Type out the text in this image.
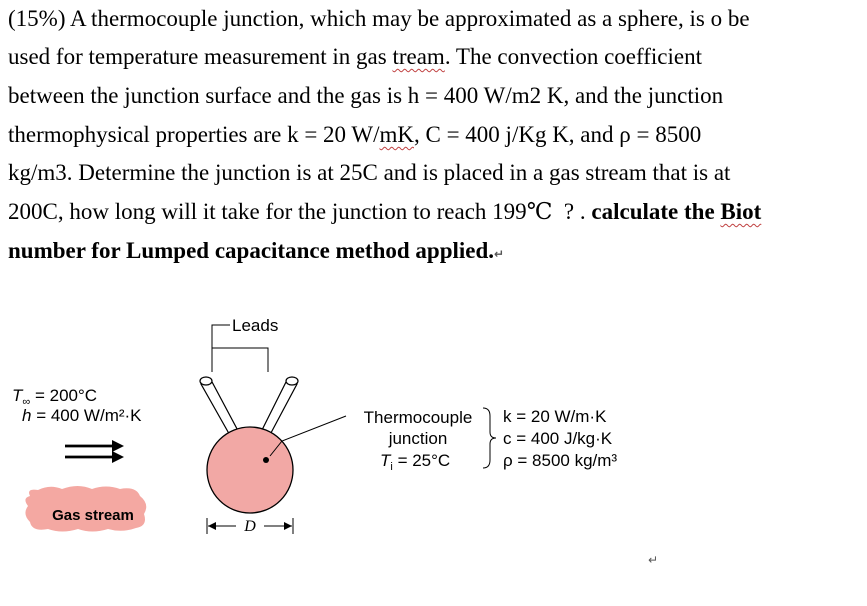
(15%) A thermocouple junction, which may be approximated as a sphere, is o be
used for temperature measurement in gas tream. The convection coefficient
between the junction surface and the gas is h = 400 W/m2 K, and the junction
thermophysical properties are k = 20 W/mK, C = 400 j/Kg K, and ρ = 8500
kg/m3. Determine the junction is at 25C and is placed in a gas stream that is at
200C, how long will it take for the junction to reach 199℃  ? . calculate the Biot
number for Lumped capacitance method applied.↵
Leads
$T_\infty = 200^\circ C$
h = 400 W/m²·K
Gas stream
D
Thermocouple
junction
$T_i = 25^\circ C$
k = 20 W/m·K
c = 400 J/kg·K
ρ = 8500 kg/m³
↵
